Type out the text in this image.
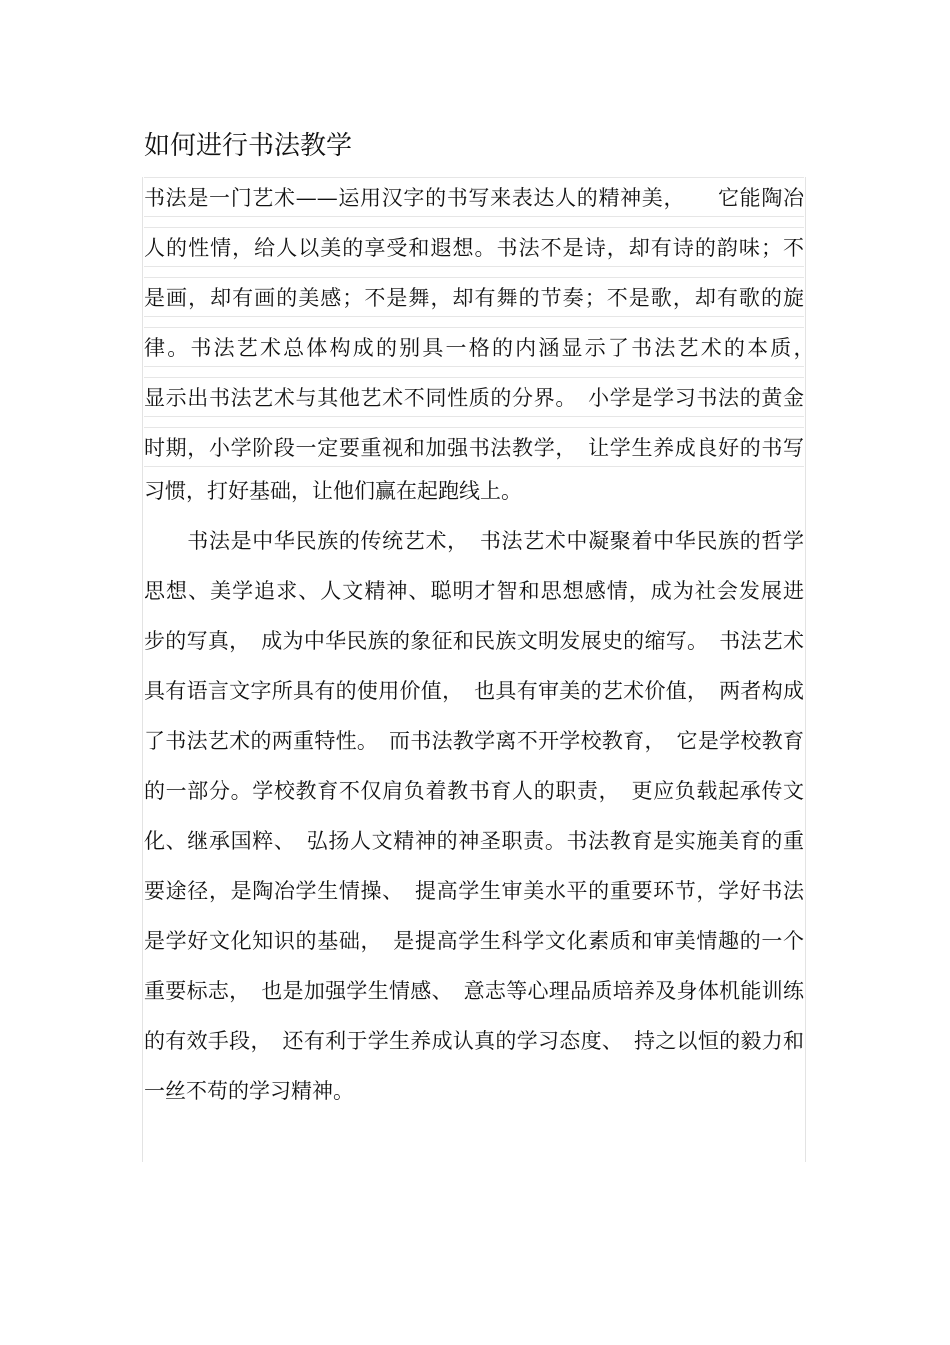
如何进行书法教学

书法是一门艺术——运用汉字的书写来表达人的精神美，　　它能陶冶

人的性情，给人以美的享受和遐想。书法不是诗，却有诗的韵味；不

是画，却有画的美感；不是舞，却有舞的节奏；不是歌，却有歌的旋

律。书法艺术总体构成的别具一格的内涵显示了书法艺术的本质，　　

显示出书法艺术与其他艺术不同性质的分界。　小学是学习书法的黄金

时期，小学阶段一定要重视和加强书法教学，　让学生养成良好的书写

习惯，打好基础，让他们赢在起跑线上。

　　书法是中华民族的传统艺术，　书法艺术中凝聚着中华民族的哲学

思想、美学追求、人文精神、聪明才智和思想感情，成为社会发展进

步的写真，　成为中华民族的象征和民族文明发展史的缩写。　书法艺术

具有语言文字所具有的使用价值，　也具有审美的艺术价值，　两者构成

了书法艺术的两重特性。　而书法教学离不开学校教育，　它是学校教育

的一部分。学校教育不仅肩负着教书育人的职责，　更应负载起承传文

化、继承国粹、　弘扬人文精神的神圣职责。书法教育是实施美育的重

要途径，是陶冶学生情操、　提高学生审美水平的重要环节，学好书法

是学好文化知识的基础，　是提高学生科学文化素质和审美情趣的一个

重要标志，　也是加强学生情感、　意志等心理品质培养及身体机能训练

的有效手段，　还有利于学生养成认真的学习态度、　持之以恒的毅力和

一丝不苟的学习精神。
